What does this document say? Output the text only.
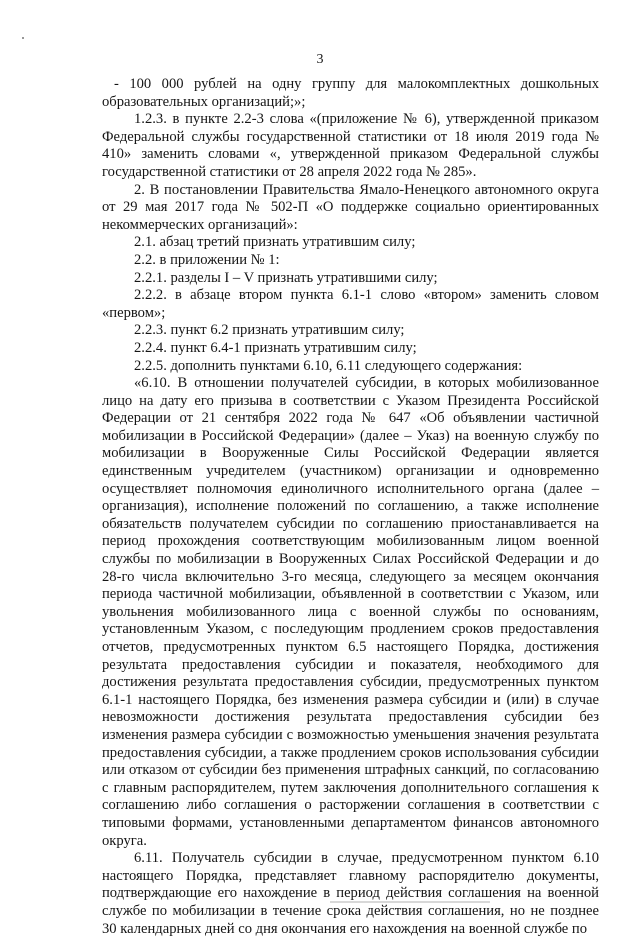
3

- 100 000 рублей на одну группу для малокомплектных дошкольных образовательных организаций;»;

1.2.3. в пункте 2.2-3 слова «(приложение № 6), утвержденной приказом Федеральной службы государственной статистики от 18 июля 2019 года № 410» заменить словами «, утвержденной приказом Федеральной службы государственной статистики от 28 апреля 2022 года № 285».

2. В постановлении Правительства Ямало-Ненецкого автономного округа от 29 мая 2017 года № 502-П «О поддержке социально ориентированных некоммерческих организаций»:

2.1. абзац третий признать утратившим силу;

2.2. в приложении № 1:

2.2.1. разделы I – V признать утратившими силу;

2.2.2. в абзаце втором пункта 6.1-1 слово «втором» заменить словом «первом»;

2.2.3. пункт 6.2 признать утратившим силу;

2.2.4. пункт 6.4-1 признать утратившим силу;

2.2.5. дополнить пунктами 6.10, 6.11 следующего содержания:

«6.10. В отношении получателей субсидии, в которых мобилизованное лицо на дату его призыва в соответствии с Указом Президента Российской Федерации от 21 сентября 2022 года № 647 «Об объявлении частичной мобилизации в Российской Федерации» (далее – Указ) на военную службу по мобилизации в Вооруженные Силы Российской Федерации является единственным учредителем (участником) организации и одновременно осуществляет полномочия единоличного исполнительного органа (далее – организация), исполнение положений по соглашению, а также исполнение обязательств получателем субсидии по соглашению приостанавливается на период прохождения соответствующим мобилизованным лицом военной службы по мобилизации в Вооруженных Силах Российской Федерации и до 28-го числа включительно 3-го месяца, следующего за месяцем окончания периода частичной мобилизации, объявленной в соответствии с Указом, или увольнения мобилизованного лица с военной службы по основаниям, установленным Указом, с последующим продлением сроков предоставления отчетов, предусмотренных пунктом 6.5 настоящего Порядка, достижения результата предоставления субсидии и показателя, необходимого для достижения результата предоставления субсидии, предусмотренных пунктом 6.1-1 настоящего Порядка, без изменения размера субсидии и (или) в случае невозможности достижения результата предоставления субсидии без изменения размера субсидии с возможностью уменьшения значения результата предоставления субсидии, а также продлением сроков использования субсидии или отказом от субсидии без применения штрафных санкций, по согласованию с главным распорядителем, путем заключения дополнительного соглашения к соглашению либо соглашения о расторжении соглашения в соответствии с типовыми формами, установленными департаментом финансов автономного округа.

6.11. Получатель субсидии в случае, предусмотренном пунктом 6.10 настоящего Порядка, представляет главному распорядителю документы, подтверждающие его нахождение в период действия соглашения на военной службе по мобилизации в течение срока действия соглашения, но не позднее 30 календарных дней со дня окончания его нахождения на военной службе по
